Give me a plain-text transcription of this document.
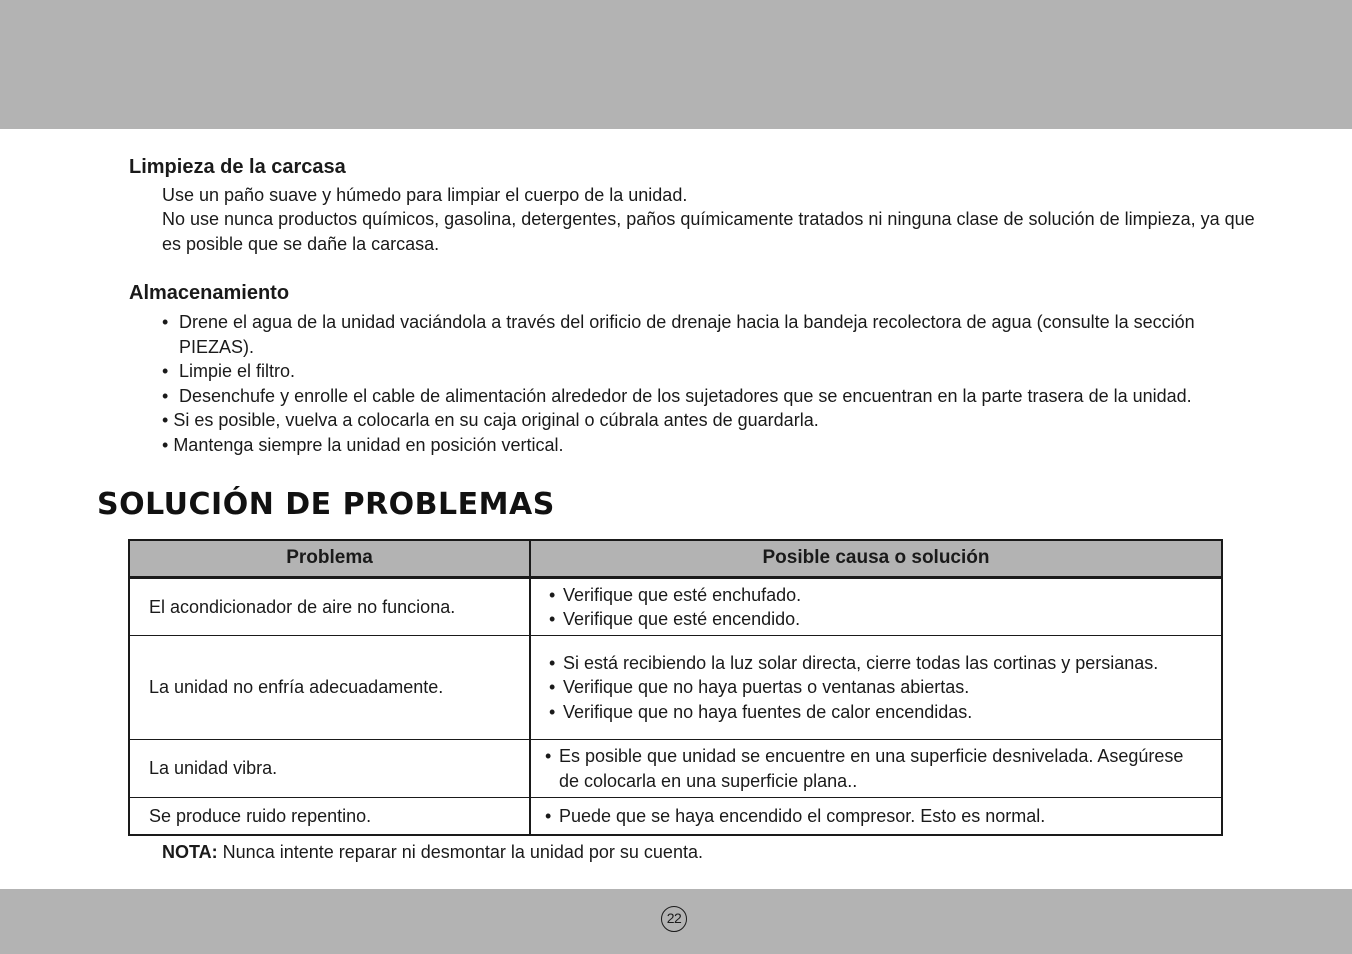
Limpieza de la carcasa

Use un paño suave y húmedo para limpiar el cuerpo de la unidad.

No use nunca productos químicos, gasolina, detergentes, paños químicamente tratados ni ninguna clase de solución de limpieza, ya que es posible que se dañe la carcasa.

Almacenamiento
• Drene el agua de la unidad vaciándola a través del orificio de drenaje hacia la bandeja recolectora de agua (consulte la sección PIEZAS).
• Limpie el filtro.
• Desenchufe y enrolle el cable de alimentación alrededor de los sujetadores que se encuentran en la parte trasera de la unidad.
• Si es posible, vuelva a colocarla en su caja original o cúbrala antes de guardarla.
• Mantenga siempre la unidad en posición vertical.
SOLUCIÓN DE PROBLEMAS
Problema	Posible causa o solución
El acondicionador de aire no funciona.	• Verifique que esté enchufado.
• Verifique que esté encendido.

La unidad no enfría adecuadamente.	• Si está recibiendo la luz solar directa, cierre todas las cortinas y persianas.
• Verifique que no haya puertas o ventanas abiertas.
• Verifique que no haya fuentes de calor encendidas.

La unidad vibra.	• Es posible que unidad se encuentre en una superficie desnivelada. Asegúrese de colocarla en una superficie plana..

Se produce ruido repentino.	• Puede que se haya encendido el compresor. Esto es normal.

NOTA: Nunca intente reparar ni desmontar la unidad por su cuenta.

22
